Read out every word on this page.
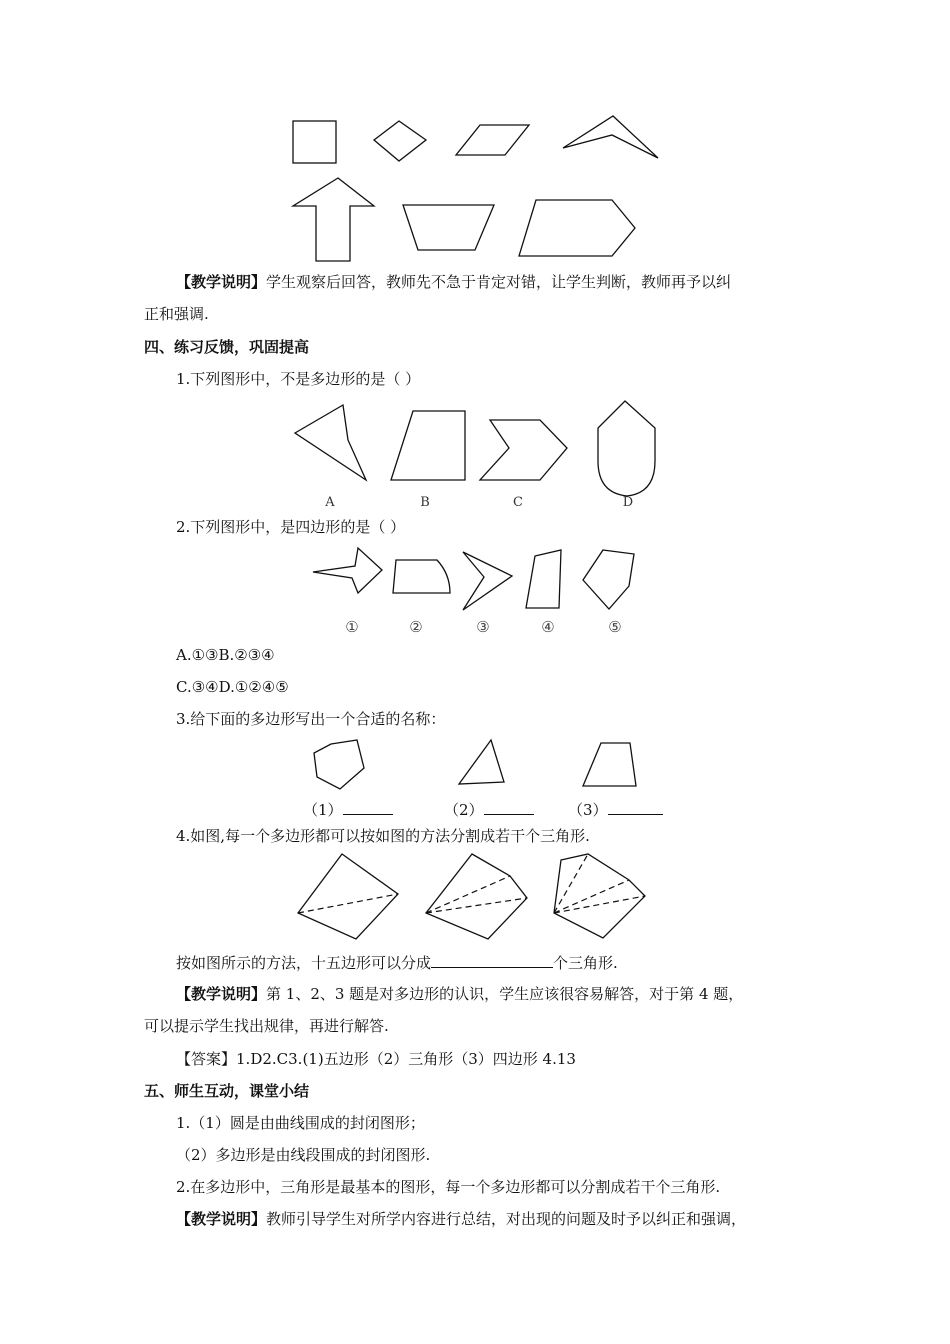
【教学说明】学生观察后回答，教师先不急于肯定对错，让学生判断，教师再予以纠
正和强调.
四、练习反馈，巩固提高
1.下列图形中，不是多边形的是（ ）
A	B	C	D
2.下列图形中，是四边形的是（ ）
①	②	③	④	⑤
A.①③B.②③④
C.③④D.①②④⑤
3.给下面的多边形写出一个合适的名称：
（1）	（2）	（3）
4.如图,每一个多边形都可以按如图的方法分割成若干个三角形.
按如图所示的方法，十五边形可以分成	个三角形.
【教学说明】第 1、2、3 题是对多边形的认识，学生应该很容易解答，对于第 4 题，
可以提示学生找出规律，再进行解答.
【答案】1.D2.C3.(1)五边形（2）三角形（3）四边形 4.13
五、师生互动，课堂小结
1.（1）圆是由曲线围成的封闭图形；
（2）多边形是由线段围成的封闭图形.
2.在多边形中，三角形是最基本的图形，每一个多边形都可以分割成若干个三角形.
【教学说明】教师引导学生对所学内容进行总结，对出现的问题及时予以纠正和强调，
